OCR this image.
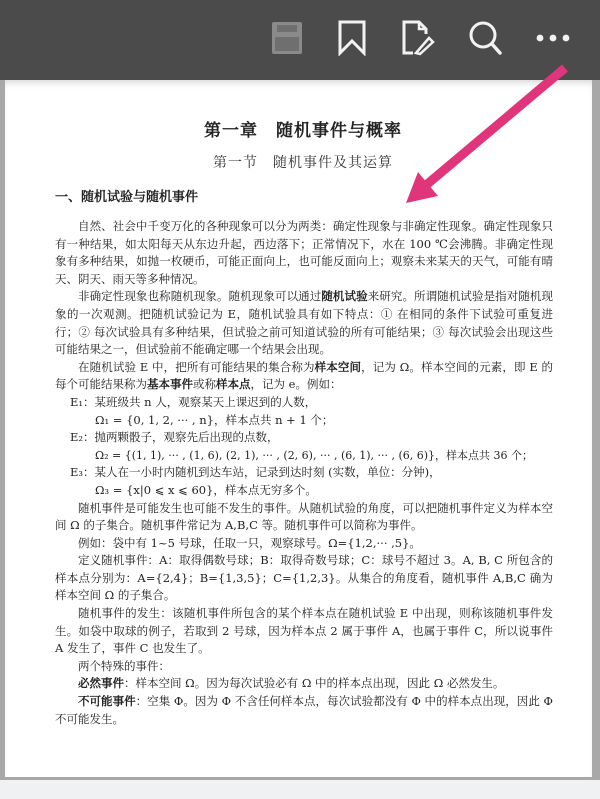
第一章　随机事件与概率
第一节　随机事件及其运算
一、随机试验与随机事件

自然、社会中千变万化的各种现象可以分为两类：确定性现象与非确定性现象。确定性现象只有一种结果，如太阳每天从东边升起，西边落下；正常情况下，水在 100 ℃会沸腾。非确定性现象有多种结果，如抛一枚硬币，可能正面向上，也可能反面向上；观察未来某天的天气，可能有晴天、阴天、雨天等多种情况。

非确定性现象也称随机现象。随机现象可以通过随机试验来研究。所谓随机试验是指对随机现象的一次观测。把随机试验记为 E，随机试验具有如下特点：① 在相同的条件下试验可重复进行；② 每次试验具有多种结果，但试验之前可知道试验的所有可能结果；③ 每次试验会出现这些可能结果之一，但试验前不能确定哪一个结果会出现。

在随机试验 E 中，把所有可能结果的集合称为样本空间，记为 Ω。样本空间的元素，即 E 的每个可能结果称为基本事件或称样本点，记为 e。例如：

E₁：某班级共 n 人，观察某天上课迟到的人数，

Ω₁ = {0, 1, 2, ··· , n}，样本点共 n + 1 个；

E₂：抛两颗骰子，观察先后出现的点数，

Ω₂ = {(1, 1), ··· , (1, 6), (2, 1), ··· , (2, 6), ··· , (6, 1), ··· , (6, 6)}，样本点共 36 个；

E₃：某人在一小时内随机到达车站，记录到达时刻 (实数，单位：分钟)，

Ω₃ = {x|0 ⩽ x ⩽ 60}，样本点无穷多个。

随机事件是可能发生也可能不发生的事件。从随机试验的角度，可以把随机事件定义为样本空间 Ω 的子集合。随机事件常记为 A,B,C 等。随机事件可以简称为事件。

例如：袋中有 1~5 号球，任取一只，观察球号。Ω={1,2,··· ,5}。

定义随机事件：A：取得偶数号球；B：取得奇数号球；C：球号不超过 3。A, B, C 所包含的样本点分别为：A={2,4}；B={1,3,5}；C={1,2,3}。从集合的角度看，随机事件 A,B,C 确为样本空间 Ω 的子集合。

随机事件的发生：该随机事件所包含的某个样本点在随机试验 E 中出现，则称该随机事件发生。如袋中取球的例子，若取到 2 号球，因为样本点 2 属于事件 A，也属于事件 C，所以说事件 A 发生了，事件 C 也发生了。

两个特殊的事件：

必然事件：样本空间 Ω。因为每次试验必有 Ω 中的样本点出现，因此 Ω 必然发生。

不可能事件：空集 Φ。因为 Φ 不含任何样本点，每次试验都没有 Φ 中的样本点出现，因此 Φ 不可能发生。
